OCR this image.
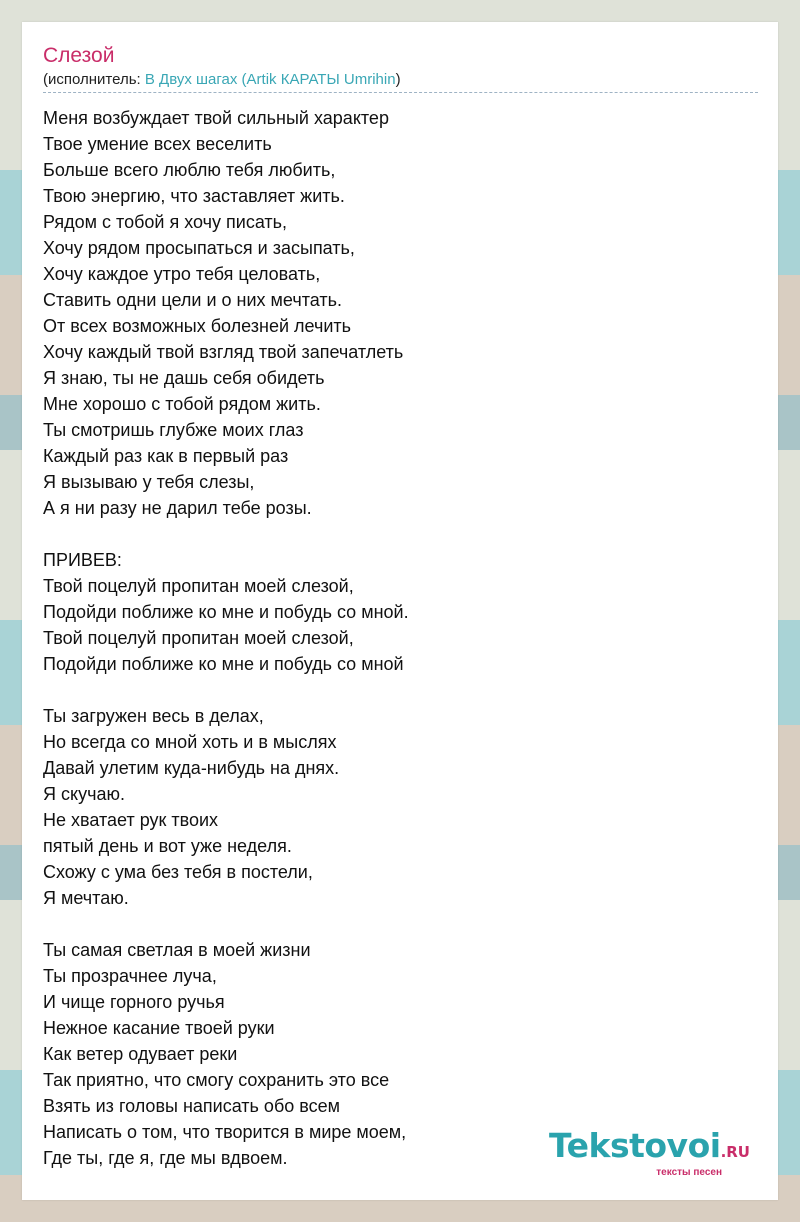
Слезой
(исполнитель: В Двух шагах (Artik КАРАТЫ Umrihin)
Меня возбуждает твой сильный характер
Твое умение всех веселить
Больше всего люблю тебя любить,
Твою энергию, что заставляет жить.
Рядом с тобой я хочу писать,
Хочу рядом просыпаться и засыпать,
Хочу каждое утро тебя целовать,
Ставить одни цели и о них мечтать.
От всех возможных болезней лечить
Хочу каждый твой взгляд твой запечатлеть
Я знаю, ты не дашь себя обидеть
Мне хорошо с тобой рядом жить.
Ты смотришь глубже моих глаз
Каждый раз как в первый раз
Я вызываю у тебя слезы,
А я ни разу не дарил тебе розы.
ПРИВЕВ:
Твой поцелуй пропитан моей слезой,
Подойди поближе ко мне и побудь со мной.
Твой поцелуй пропитан моей слезой,
Подойди поближе ко мне и побудь со мной
Ты загружен весь в делах,
Но всегда со мной хоть и в мыслях
Давай улетим куда-нибудь на днях.
Я скучаю.
Не хватает рук твоих
пятый день и вот уже неделя.
Схожу с ума без тебя в постели,
Я мечтаю.
Ты самая светлая в моей жизни
Ты прозрачнее луча,
И чище горного ручья
Нежное касание твоей руки
Как ветер одувает реки
Так приятно, что смогу сохранить это все
Взять из головы написать обо всем
Написать о том, что творится в мире моем,
Где ты, где я, где мы вдвоем.	Tekstovoi.RU
тексты песен
